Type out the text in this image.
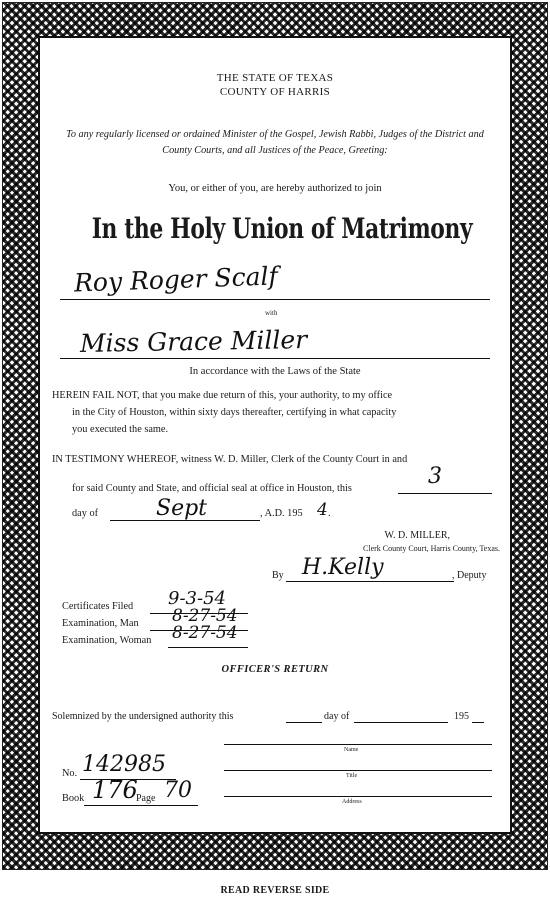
THE STATE OF TEXAS
COUNTY OF HARRIS
To any regularly licensed or ordained Minister of the Gospel, Jewish Rabbi, Judges of the District and County Courts, and all Justices of the Peace, Greeting:
You, or either of you, are hereby authorized to join
In the Holy Union of Matrimony
Roy Roger Scalf
with
Miss Grace Miller
In accordance with the Laws of the State
HEREIN FAIL NOT, that you make due return of this, your authority, to my office
in the City of Houston, within sixty days thereafter, certifying in what capacity
you executed the same.
IN TESTIMONY WHEREOF, witness W. D. Miller, Clerk of the County Court in and
for said County and State, and official seal at office in Houston, this	3
day of	Sept	, A.D. 195 4 .
W. D. MILLER,
Clerk County Court, Harris County, Texas.
By H.Kelly	, Deputy
Certificates Filed 9-3-54
Examination, Man 8-27-54
Examination, Woman 8-27-54
OFFICER'S RETURN
Solemnized by the undersigned authority this	day of	195
Name
No. 142985	Title
Book 176
Page 70	Address
READ REVERSE SIDE
